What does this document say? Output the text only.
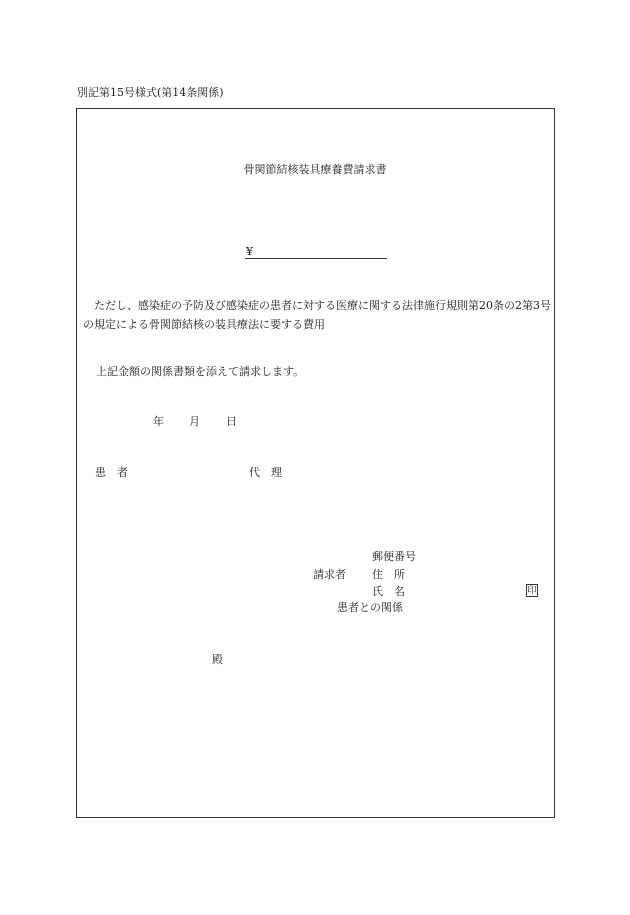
別記第15号様式(第14条関係)
骨関節結核装具療養費請求書
¥
ただし、感染症の予防及び感染症の患者に対する医療に関する法律施行規則第20条の2第3号の規定による骨関節結核の装具療法に要する費用
上記金額の関係書類を添えて請求します。
年 月 日
患者	代理
郵便番号
請求者 住所
氏名	印
患者との関係
殿
